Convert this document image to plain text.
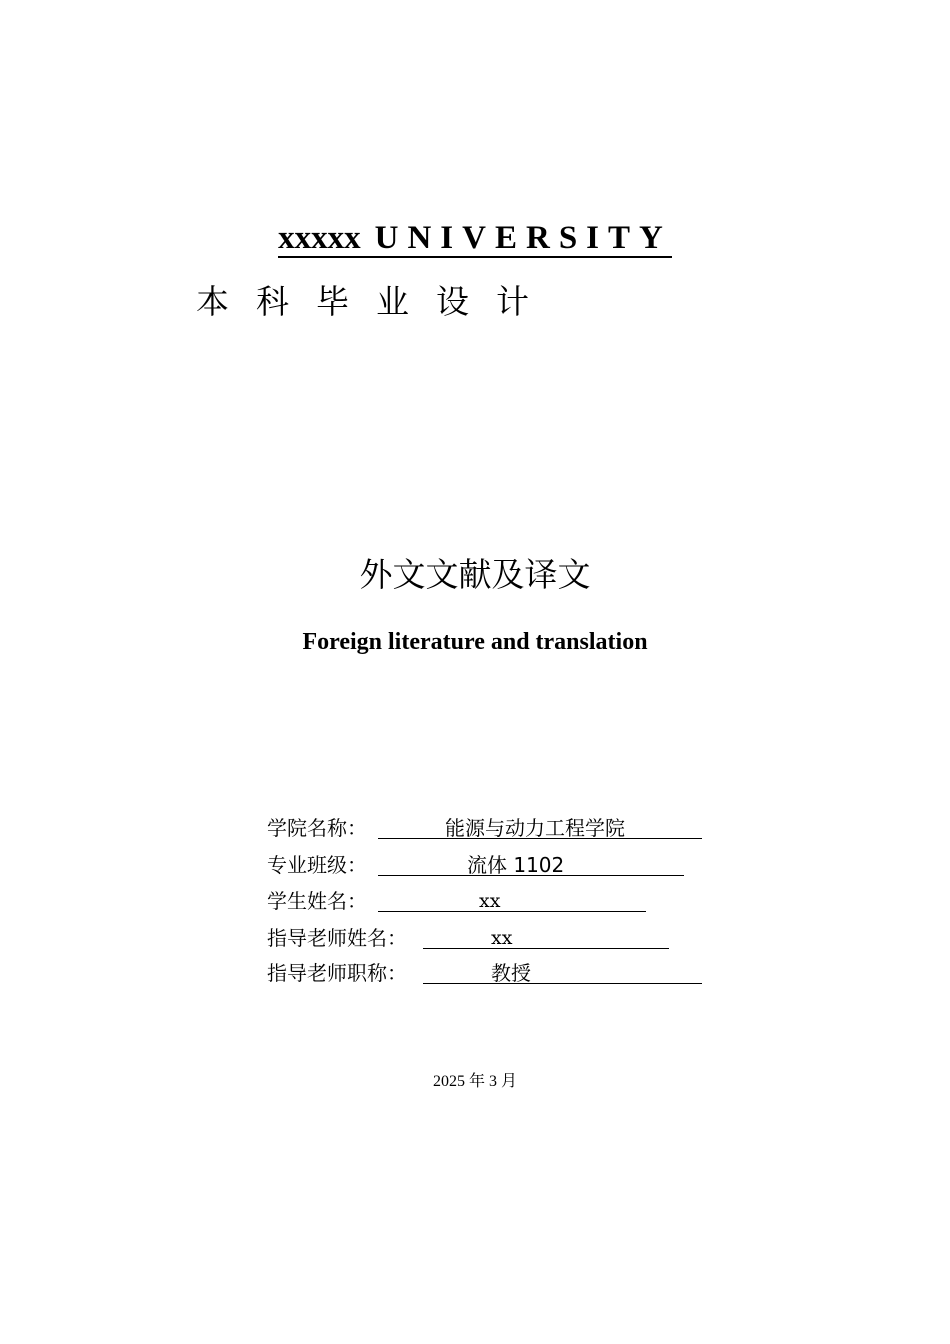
xxxxx UNIVERSITY
本科毕业设计
外文文献及译文
Foreign literature and translation
学院名称：	能源与动力工程学院
专业班级：	流体 1102
学生姓名：	xx
指导老师姓名：	xx
指导老师职称：	教授
2025 年 3 月
